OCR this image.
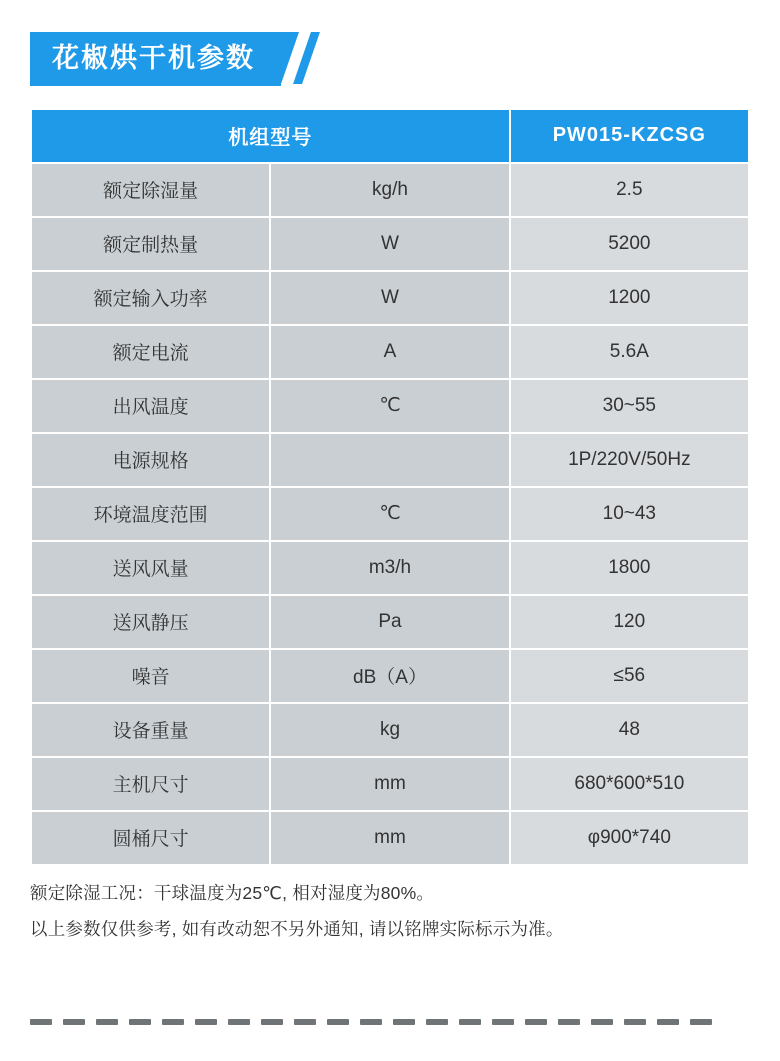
花椒烘干机参数
机组型号		PW015-KZCSG
额定除湿量	kg/h	2.5
额定制热量	W	5200
额定输入功率	W	1200
额定电流	A	5.6A
出风温度	℃	30~55
电源规格		1P/220V/50Hz
环境温度范围	℃	10~43
送风风量	m3/h	1800
送风静压	Pa	120
噪音	dB（A）	≤56
设备重量	kg	48
主机尺寸	mm	680*600*510
圆桶尺寸	mm	φ900*740

额定除湿工况：干球温度为25℃, 相对湿度为80%。

以上参数仅供参考, 如有改动恕不另外通知, 请以铭牌实际标示为准。
